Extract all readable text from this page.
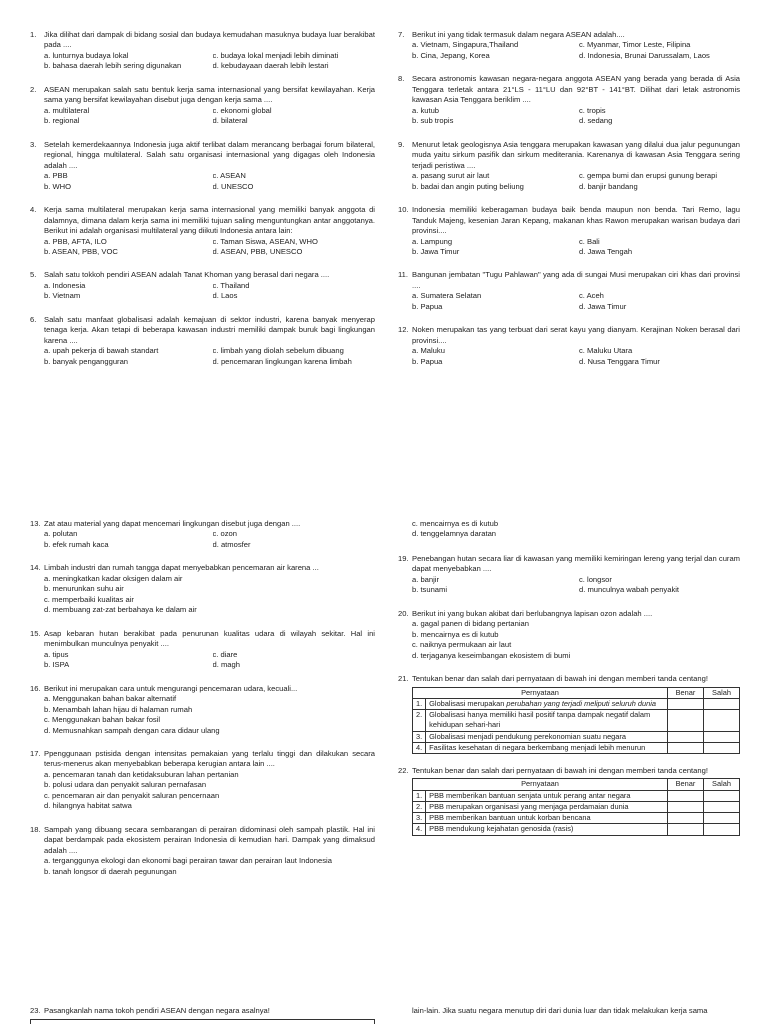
1.	Jika dilihat dari dampak di bidang sosial dan budaya kemudahan masuknya budaya luar berakibat pada ....
a. lunturnya budaya lokal	c. budaya lokal menjadi lebih diminati
b. bahasa daerah lebih sering digunakan	d. kebudayaan daerah lebih lestari
2.	ASEAN merupakan salah satu bentuk kerja sama internasional yang bersifat kewilayahan. Kerja sama yang bersifat kewilayahan disebut juga dengan kerja sama ....
a. multilateral	c. ekonomi global
b. regional	d. bilateral
3.	Setelah kemerdekaannya Indonesia juga aktif terlibat dalam merancang berbagai forum bilateral, regional, hingga multilateral. Salah satu organisasi internasional yang digagas oleh Indonesia adalah ....
a. PBB	c. ASEAN
b. WHO	d. UNESCO
4.	Kerja sama multilateral merupakan kerja sama internasional yang memiliki banyak anggota di dalamnya, dimana dalam kerja sama ini memiliki tujuan saling menguntungkan antar anggotanya. Berikut ini adalah organisasi multilateral yang diikuti Indonesia antara lain:
a. PBB, AFTA, ILO	c. Taman Siswa, ASEAN, WHO
b. ASEAN, PBB, VOC	d. ASEAN, PBB, UNESCO
5.	Salah satu tokkoh pendiri ASEAN adalah Tanat Khoman yang berasal dari negara ....
a. Indonesia	c. Thailand
b. Vietnam	d. Laos
6.	Salah satu manfaat globalisasi adalah kemajuan di sektor industri, karena banyak menyerap tenaga kerja. Akan tetapi di beberapa kawasan industri memiliki dampak buruk bagi lingkungan karena ....
a. upah pekerja di bawah standart	c. limbah yang diolah sebelum dibuang
b. banyak pengangguran	d. pencemaran lingkungan karena limbah
7.	Berikut ini yang tidak termasuk dalam negara ASEAN adalah....
a. Vietnam, Singapura,Thailand	c. Myanmar, Timor Leste, Filipina
b. Cina, Jepang, Korea	d. Indonesia, Brunai Darussalam, Laos
8.	Secara astronomis kawasan negara-negara anggota ASEAN yang berada yang berada di Asia Tenggara terletak antara 21°LS - 11°LU dan 92°BT - 141°BT. Dilihat dari letak astronomis kawasan Asia Tenggara beriklim ....
a. kutub	c. tropis
b. sub tropis	d. sedang
9.	Menurut letak geologisnya Asia tenggara merupakan kawasan yang dilalui dua jalur pegunungan muda yaitu sirkum pasifik dan sirkum mediterania. Karenanya di kawasan Asia Tenggara sering terjadi peristiwa ....
a. pasang surut air laut	c. gempa bumi dan erupsi gunung berapi
b. badai dan angin puting beliung	d. banjir bandang
10. Indonesia memiliki keberagaman budaya baik benda maupun non benda. Tari Remo, lagu Tanduk Majeng, kesenian Jaran Kepang, makanan khas Rawon merupakan warisan budaya dari provinsi....
a. Lampung	c. Bali
b. Jawa Timur	d. Jawa Tengah
11. Bangunan jembatan "Tugu Pahlawan" yang ada di sungai Musi merupakan ciri khas dari provinsi ....
a. Sumatera Selatan	c. Aceh
b. Papua	d. Jawa Timur
12. Noken merupakan tas yang terbuat dari serat kayu yang dianyam. Kerajinan Noken berasal dari provinsi....
a. Maluku	c. Maluku Utara
b. Papua	d. Nusa Tenggara Timur
13. Zat atau material yang dapat mencemari lingkungan disebut juga dengan ....
a. polutan	c. ozon
b. efek rumah kaca	d. atmosfer
14. Limbah industri dan rumah tangga dapat menyebabkan pencemaran air karena ...
a. meningkatkan kadar oksigen dalam air
b. menurunkan suhu air
c. memperbaiki kualitas air
d. membuang zat-zat berbahaya ke dalam air
15. Asap kebaran hutan berakibat pada penurunan kualitas udara di wilayah sekitar. Hal ini menimbulkan munculnya penyakit ....
a. tipus	c. diare
b. ISPA	d. magh
16. Berikut ini merupakan cara untuk mengurangi pencemaran udara, kecuali...
a. Menggunakan bahan bakar alternatif
b. Menambah lahan hijau di halaman rumah
c. Menggunakan bahan bakar fosil
d. Memusnahkan sampah dengan cara didaur ulang
17. Ppenggunaan pstisida dengan intensitas pemakaian yang terlalu tinggi dan dilakukan secara terus-menerus akan menyebabkan beberapa kerugian antara lain ....
a. pencemaran tanah dan ketidaksuburan lahan pertanian
b. polusi udara dan penyakit saluran pernafasan
c. pencemaran air dan penyakit saluran pencernaan
d. hilangnya habitat satwa
18. Sampah yang dibuang secara sembarangan di perairan didominasi oleh sampah plastik. Hal ini dapat berdampak pada ekosistem perairan Indonesia di kemudian hari. Dampak yang dimaksud adalah ....
a. terganggunya ekologi dan ekonomi bagi perairan tawar dan perairan laut Indonesia
b. tanah longsor di daerah pegunungan
c. mencairnya es di kutub
d. tenggelamnya daratan
19. Penebangan hutan secara liar di kawasan yang memiliki kemiringan lereng yang terjal dan curam dapat menyebabkan ....
a. banjir	c. longsor
b. tsunami	d. munculnya wabah penyakit
20. Berikut ini yang bukan akibat dari berlubangnya lapisan ozon adalah ....
a. gagal panen di bidang pertanian
b. mencairnya es di kutub
c. naiknya permukaan air laut
d. terjaganya keseimbangan ekosistem di bumi
21. Tentukan benar dan salah dari pernyataan di bawah ini dengan memberi tanda centang!
Pernyataan		Benar	Salah
1.	Globalisasi merupakan perubahan yang terjadi meliputi seluruh dunia		
2.	Globalisasi hanya memiliki hasil positif tanpa dampak negatif dalam kehidupan sehari-hari		
3.	Globalisasi menjadi pendukung perekonomian suatu negara		
4.	Fasilitas kesehatan di negara berkembang menjadi lebih menurun		
22. Tentukan benar dan salah dari pernyataan di bawah ini dengan memberi tanda centang!
Pernyataan		Benar	Salah
1.	PBB memberikan bantuan senjata untuk perang antar negara		
2.	PBB merupakan organisasi yang menjaga perdamaian dunia		
3.	PBB memberikan bantuan untuk korban bencana		
4.	PBB mendukung kejahatan genosida (rasis)		
23. Pasangkanlah nama tokoh pendiri ASEAN dengan negara asalnya!	lain-lain. Jika suatu negara menutup diri dari dunia luar dan tidak melakukan kerja sama
